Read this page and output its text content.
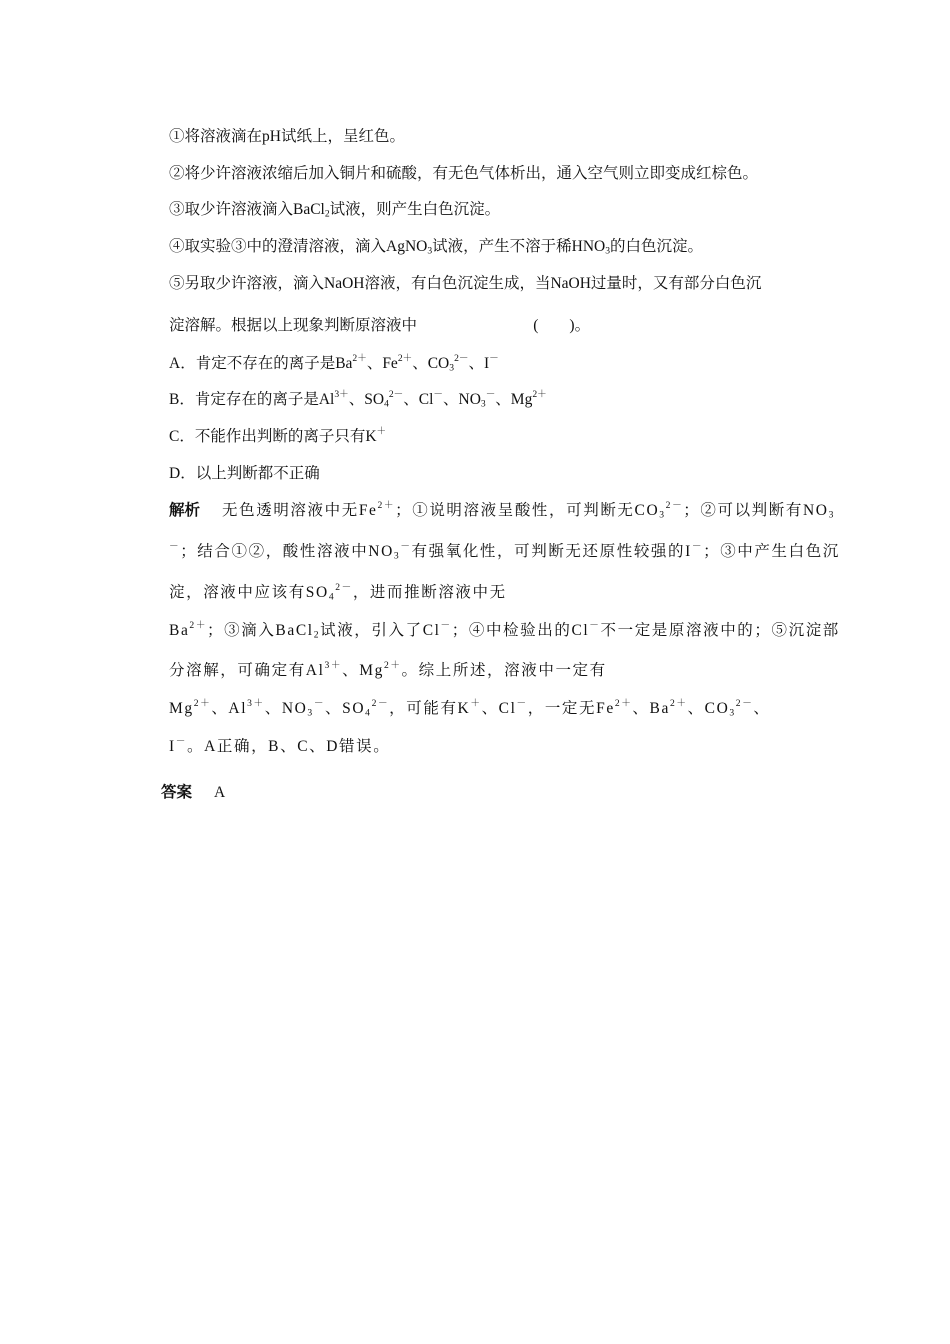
①将溶液滴在pH试纸上，呈红色。
②将少许溶液浓缩后加入铜片和硫酸，有无色气体析出，通入空气则立即变成红棕色。
③取少许溶液滴入BaCl$_2$试液，则产生白色沉淀。
④取实验③中的澄清溶液，滴入AgNO$_3$试液，产生不溶于稀$HNO_3$的白色沉淀。
⑤另取少许溶液，滴入NaOH溶液，有白色沉淀生成，当NaOH过量时，又有部分白色沉
淀溶解。根据以上现象判断原溶液中	(　　)。
A．肯定不存在的离子是$Ba^{2+}$、$Fe^{2+}$、$CO_3^{2-}$、I－
B．肯定存在的离子是$Al^{3+}$、$SO_4^{2-}$、Cl－、$NO_3^-$、$Mg^{2+}$
C．不能作出判断的离子只有K＋
D．以上判断都不正确
解析 无色透明溶液中无$Fe^{2+}$；①说明溶液呈酸性，可判断无$CO_3^{2-}$；②可以判断有$NO_3$
－；结合①②，酸性溶液中$NO_3^-$有强氧化性，可判断无还原性较强的I－；③中产生白色沉
淀，溶液中应该有$SO_4^{2-}$，进而推断溶液中无
$Ba^{2+}$；③滴入BaCl$_2$试液，引入了Cl－；④中检验出的Cl－不一定是原溶液中的；⑤沉淀部
分溶解，可确定有$Al^{3+}$、$Mg^{2+}$。综上所述，溶液中一定有
$Mg^{2+}$、$Al^{3+}$、$NO_3^-$、$SO_4^{2-}$，可能有K＋、Cl－，一定无$Fe^{2+}$、$Ba^{2+}$、$CO_3^{2-}$、
I－。A正确，B、C、D错误。
答案 A
